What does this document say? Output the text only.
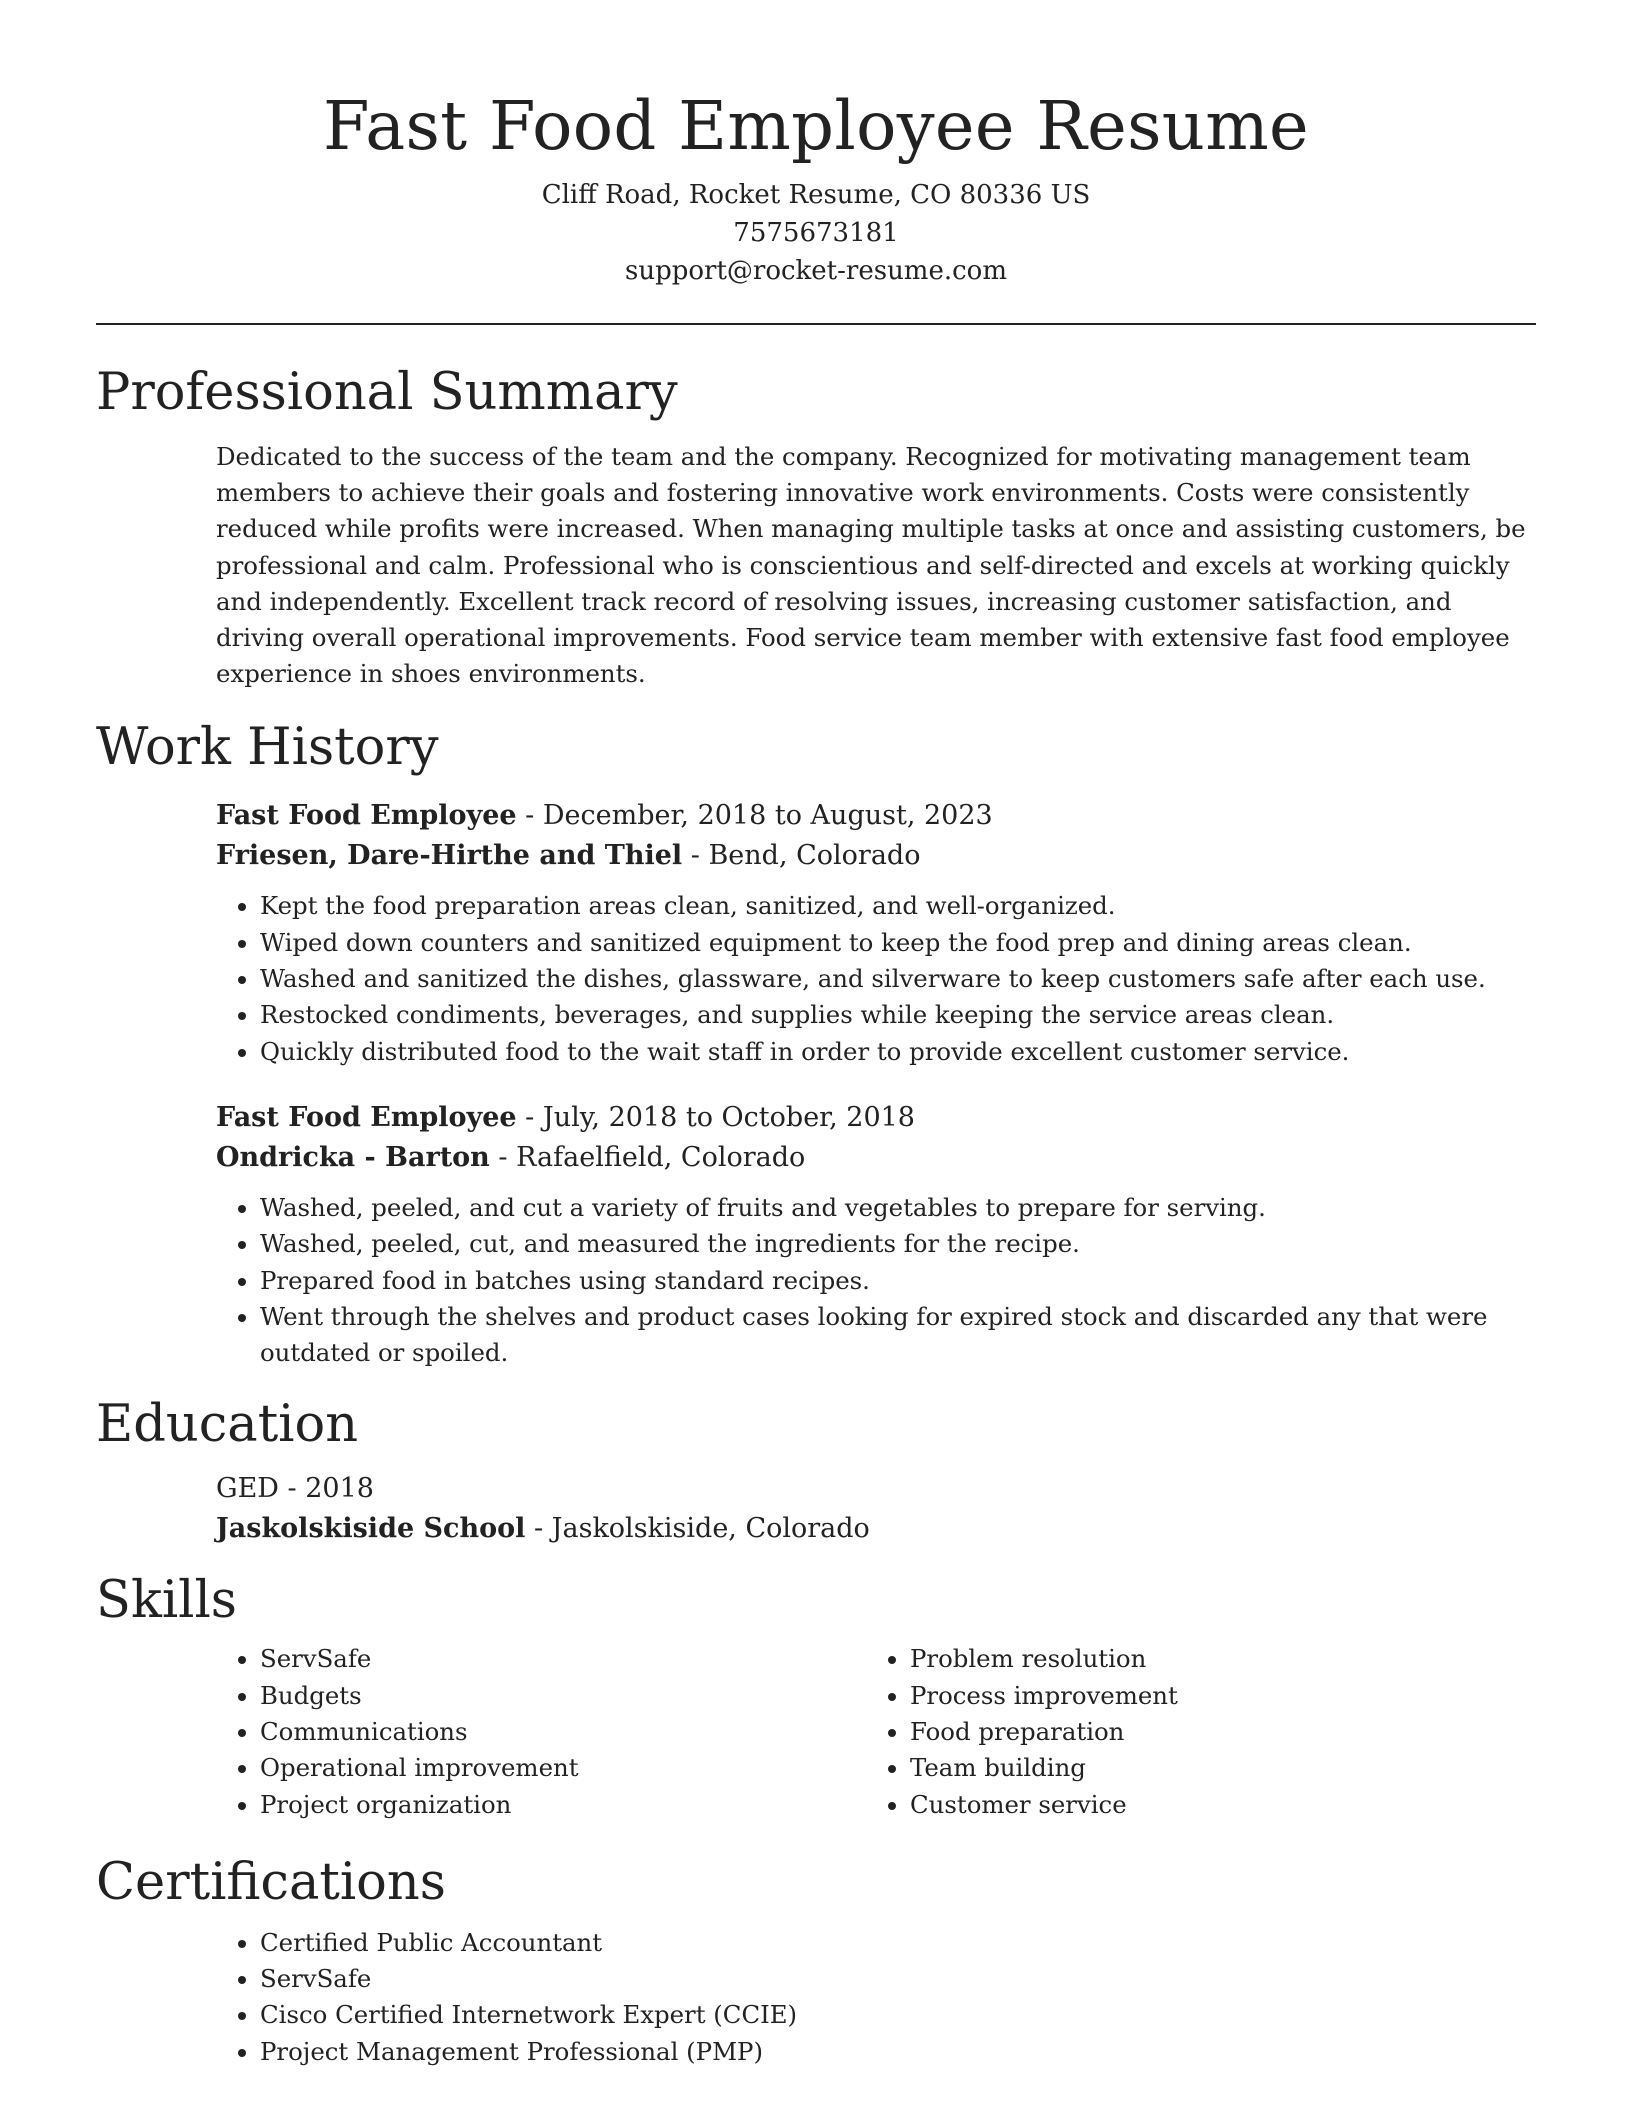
Fast Food Employee Resume

Cliff Road, Rocket Resume, CO 80336 US

7575673181

support@rocket-resume.com

Professional Summary

Dedicated to the success of the team and the company. Recognized for motivating management team members to achieve their goals and fostering innovative work environments. Costs were consistently reduced while profits were increased. When managing multiple tasks at once and assisting customers, be professional and calm. Professional who is conscientious and self-directed and excels at working quickly and independently. Excellent track record of resolving issues, increasing customer satisfaction, and driving overall operational improvements. Food service team member with extensive fast food employee experience in shoes environments.

Work History

Fast Food Employee - December, 2018 to August, 2023

Friesen, Dare-Hirthe and Thiel - Bend, Colorado

• Kept the food preparation areas clean, sanitized, and well-organized.
• Wiped down counters and sanitized equipment to keep the food prep and dining areas clean.
• Washed and sanitized the dishes, glassware, and silverware to keep customers safe after each use.
• Restocked condiments, beverages, and supplies while keeping the service areas clean.
• Quickly distributed food to the wait staff in order to provide excellent customer service.

Fast Food Employee - July, 2018 to October, 2018

Ondricka - Barton - Rafaelfield, Colorado

• Washed, peeled, and cut a variety of fruits and vegetables to prepare for serving.
• Washed, peeled, cut, and measured the ingredients for the recipe.
• Prepared food in batches using standard recipes.
• Went through the shelves and product cases looking for expired stock and discarded any that were outdated or spoiled.
Education

GED - 2018

Jaskolskiside School - Jaskolskiside, Colorado

Skills
• ServSafe
• Budgets
• Communications
• Operational improvement
• Project organization
• Problem resolution
• Process improvement
• Food preparation
• Team building
• Customer service
Certifications
• Certified Public Accountant
• ServSafe
• Cisco Certified Internetwork Expert (CCIE)
• Project Management Professional (PMP)
